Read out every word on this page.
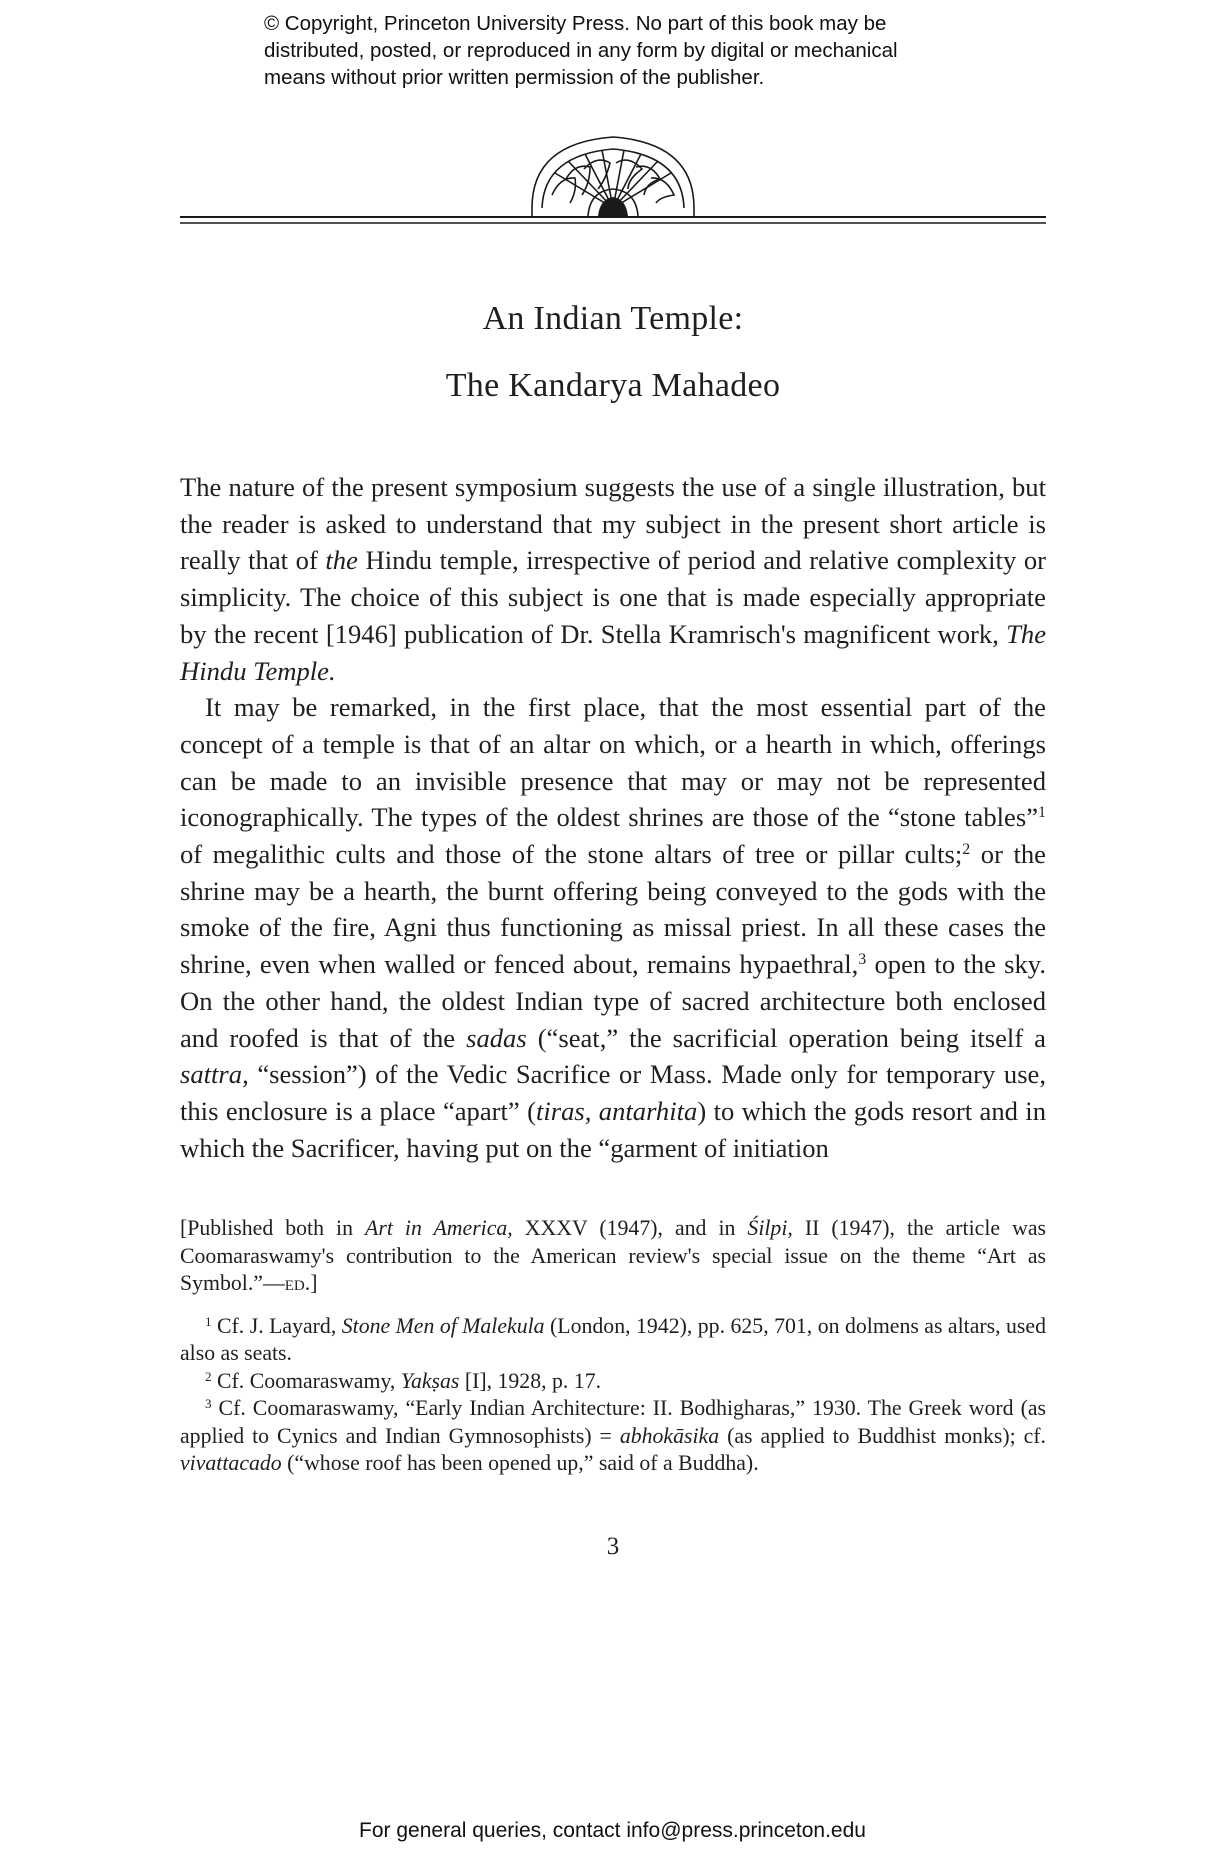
© Copyright, Princeton University Press. No part of this book may be
distributed, posted, or reproduced in any form by digital or mechanical
means without prior written permission of the publisher.
An Indian Temple:
The Kandarya Mahadeo

The nature of the present symposium suggests the use of a single illustration, but the reader is asked to understand that my subject in the present short article is really that of the Hindu temple, irrespective of period and relative complexity or simplicity. The choice of this subject is one that is made especially appropriate by the recent [1946] publication of Dr. Stella Kramrisch's magnificent work, The Hindu Temple.

It may be remarked, in the first place, that the most essential part of the concept of a temple is that of an altar on which, or a hearth in which, offerings can be made to an invisible presence that may or may not be represented iconographically. The types of the oldest shrines are those of the “stone tables”$^1$ of megalithic cults and those of the stone altars of tree or pillar cults;$^2$ or the shrine may be a hearth, the burnt offering being conveyed to the gods with the smoke of the fire, Agni thus functioning as missal priest. In all these cases the shrine, even when walled or fenced about, remains hypaethral,$^3$ open to the sky. On the other hand, the oldest Indian type of sacred architecture both enclosed and roofed is that of the sadas (“seat,” the sacrificial operation being itself a sattra, “session”) of the Vedic Sacrifice or Mass. Made only for temporary use, this enclosure is a place “apart” (tiras, antarhita) to which the gods resort and in which the Sacrificer, having put on the “garment of initiation

[Published both in Art in America, XXXV (1947), and in Śilpi, II (1947), the article was Coomaraswamy's contribution to the American review's special issue on the theme “Art as Symbol.”—ed.]

$^1$ Cf. J. Layard, Stone Men of Malekula (London, 1942), pp. 625, 701, on dolmens as altars, used also as seats.

$^2$ Cf. Coomaraswamy, Yakṣas [I], 1928, p. 17.

$^3$ Cf. Coomaraswamy, “Early Indian Architecture: II. Bodhigharas,” 1930. The Greek word (as applied to Cynics and Indian Gymnosophists) = abhokāsika (as applied to Buddhist monks); cf. vivattacado (“whose roof has been opened up,” said of a Buddha).

3
For general queries, contact info@press.princeton.edu
